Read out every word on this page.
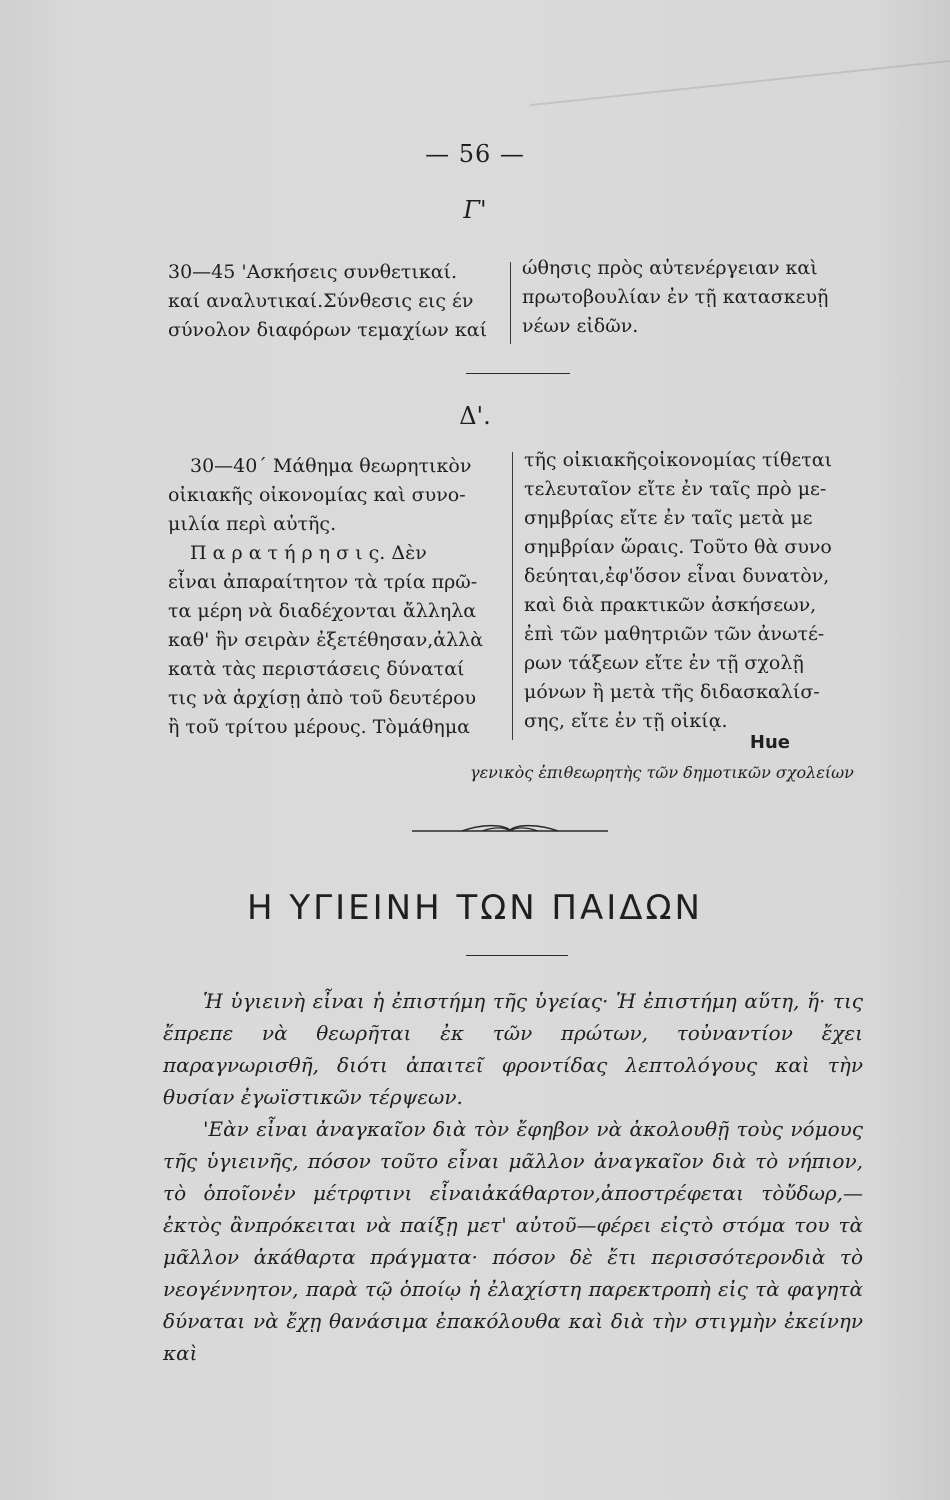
— 56 —
Γ'
30—45 'Ασκήσεις συνθετικαί.
καί αναλυτικαί.Σύνθεσις εις έν
σύνολον διαφόρων τεμαχίων καί
ώθησις πρὸς αὐτενέργειαν καὶ
πρωτοβουλίαν ἐν τῇ κατασκευῇ
νέων εἰδῶν.
Δ'.
30—40΄ Μάθημα θεωρητικὸν
οἰκιακῆς οἰκονομίας καὶ συνο-
μιλία περὶ αὐτῆς.
Π α ρ α τ ή ρ η σ ι ς. Δὲν
εἶναι ἀπαραίτητον τὰ τρία πρῶ-
τα μέρη νὰ διαδέχονται ἄλληλα
καθ' ἣν σειρὰν ἐξετέθησαν,ἀλλὰ
κατὰ τὰς περιστάσεις δύναταί
τις νὰ ἀρχίσῃ ἀπὸ τοῦ δευτέρου
ἢ τοῦ τρίτου μέρους. Τὸμάθημα
τῆς οἰκιακῆςοἰκονομίας τίθεται
τελευταῖον εἴτε ἐν ταῖς πρὸ με-
σημβρίας εἴτε ἐν ταῖς μετὰ με
σημβρίαν ὥραις. Τοῦτο θὰ συνο
δεύηται,ἐφ'ὅσον εἶναι δυνατὸν,
καὶ διὰ πρακτικῶν ἀσκήσεων,
ἐπὶ τῶν μαθητριῶν τῶν ἀνωτέ-
ρων τάξεων εἴτε ἐν τῇ σχολῇ
μόνων ἢ μετὰ τῆς διδασκαλίσ-
σης, εἴτε ἐν τῇ οἰκίᾳ.
Hue
γενικὸς ἐπιθεωρητὴς τῶν δημοτικῶν σχολείων
Η ΥΓΙΕΙΝΗ ΤΩΝ ΠΑΙΔΩΝ

Ἡ ὑγιεινὴ εἶναι ἡ ἐπιστήμη τῆς ὑγείας· Ἡ ἐπιστήμη αὕτη, ἥ· τις ἔπρεπε νὰ θεωρῆται ἐκ τῶν πρώτων, τοὐναντίον ἔχει παραγνωρισθῆ, διότι ἀπαιτεῖ φροντίδας λεπτολόγους καὶ τὴν θυσίαν ἐγωϊστικῶν τέρψεων.

'Εὰν εἶναι ἀναγκαῖον διὰ τὸν ἔφηβον νὰ ἀκολουθῇ τοὺς νόμους τῆς ὑγιεινῆς, πόσον τοῦτο εἶναι μᾶλλον ἀναγκαῖον διὰ τὸ νήπιον, τὸ ὁποῖονἐν μέτρφτινι εἶναιἀκάθαρτον,ἀποστρέφεται τὸὔδωρ,—ἐκτὸς ἂνπρόκειται νὰ παίξῃ μετ' αὐτοῦ—φέρει εἰςτὸ στόμα του τὰ μᾶλλον ἀκάθαρτα πράγματα· πόσον δὲ ἔτι περισσότερονδιὰ τὸ νεογέννητον, παρὰ τῷ ὁποίῳ ἡ ἐλαχίστη παρεκτροπὴ εἰς τὰ φαγητὰ δύναται νὰ ἔχῃ θανάσιμα ἐπακόλουθα καὶ διὰ τὴν στιγμὴν ἐκείνην καὶ
